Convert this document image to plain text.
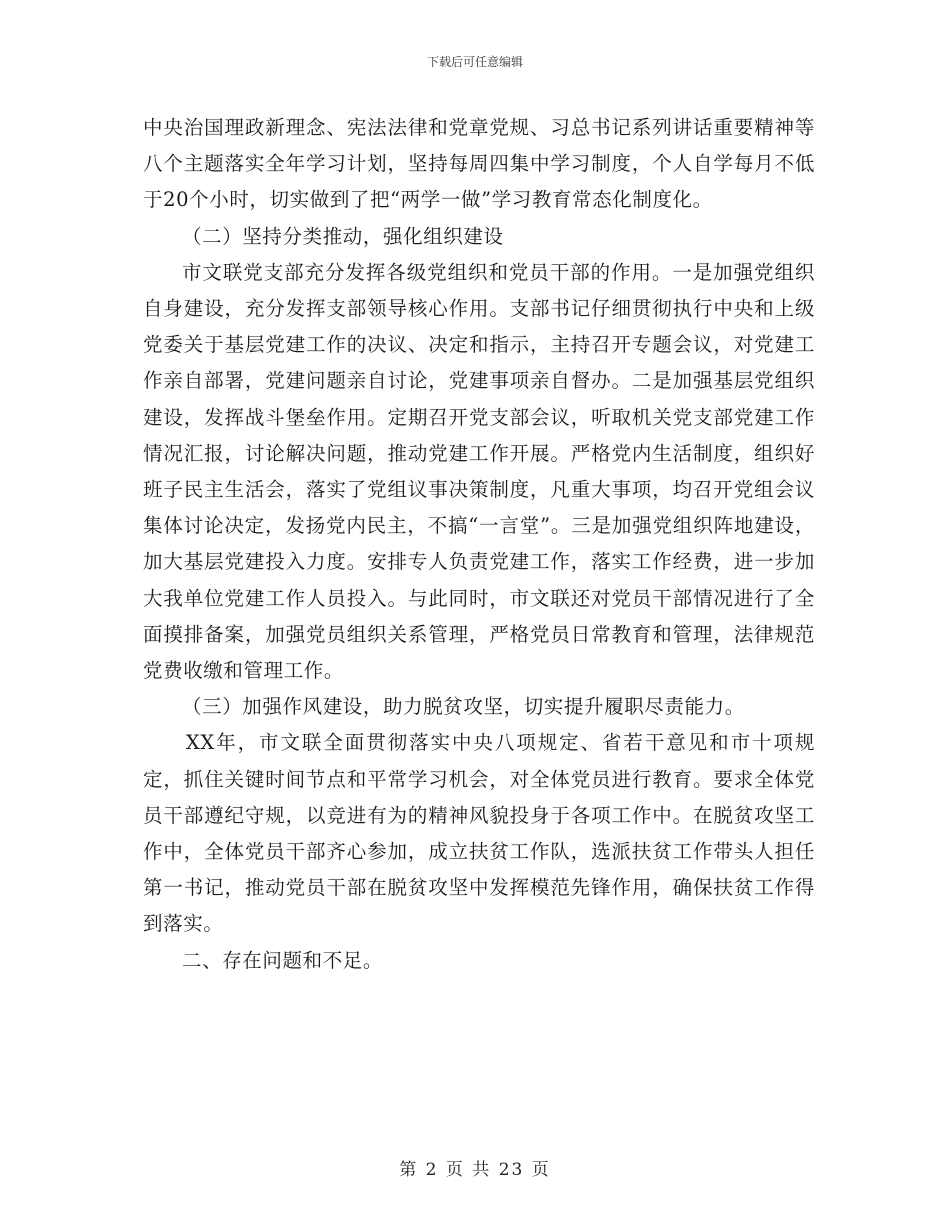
下载后可任意编辑

中央治国理政新理念、宪法法律和党章党规、习总书记系列讲话重要精神等八个主题落实全年学习计划，坚持每周四集中学习制度，个人自学每月不低于20个小时，切实做到了把“两学一做”学习教育常态化制度化。

（二）坚持分类推动，强化组织建设

市文联党支部充分发挥各级党组织和党员干部的作用。一是加强党组织自身建设，充分发挥支部领导核心作用。支部书记仔细贯彻执行中央和上级党委关于基层党建工作的决议、决定和指示，主持召开专题会议，对党建工作亲自部署，党建问题亲自讨论，党建事项亲自督办。二是加强基层党组织建设，发挥战斗堡垒作用。定期召开党支部会议，听取机关党支部党建工作情况汇报，讨论解决问题，推动党建工作开展。严格党内生活制度，组织好班子民主生活会，落实了党组议事决策制度，凡重大事项，均召开党组会议集体讨论决定，发扬党内民主，不搞“一言堂”。三是加强党组织阵地建设，加大基层党建投入力度。安排专人负责党建工作，落实工作经费，进一步加大我单位党建工作人员投入。与此同时，市文联还对党员干部情况进行了全面摸排备案，加强党员组织关系管理，严格党员日常教育和管理，法律规范党费收缴和管理工作。

（三）加强作风建设，助力脱贫攻坚，切实提升履职尽责能力。

XX年，市文联全面贯彻落实中央八项规定、省若干意见和市十项规定，抓住关键时间节点和平常学习机会，对全体党员进行教育。要求全体党员干部遵纪守规，以竞进有为的精神风貌投身于各项工作中。在脱贫攻坚工作中，全体党员干部齐心参加，成立扶贫工作队，选派扶贫工作带头人担任第一书记，推动党员干部在脱贫攻坚中发挥模范先锋作用，确保扶贫工作得到落实。

二、存在问题和不足。

第 2 页 共 23 页
